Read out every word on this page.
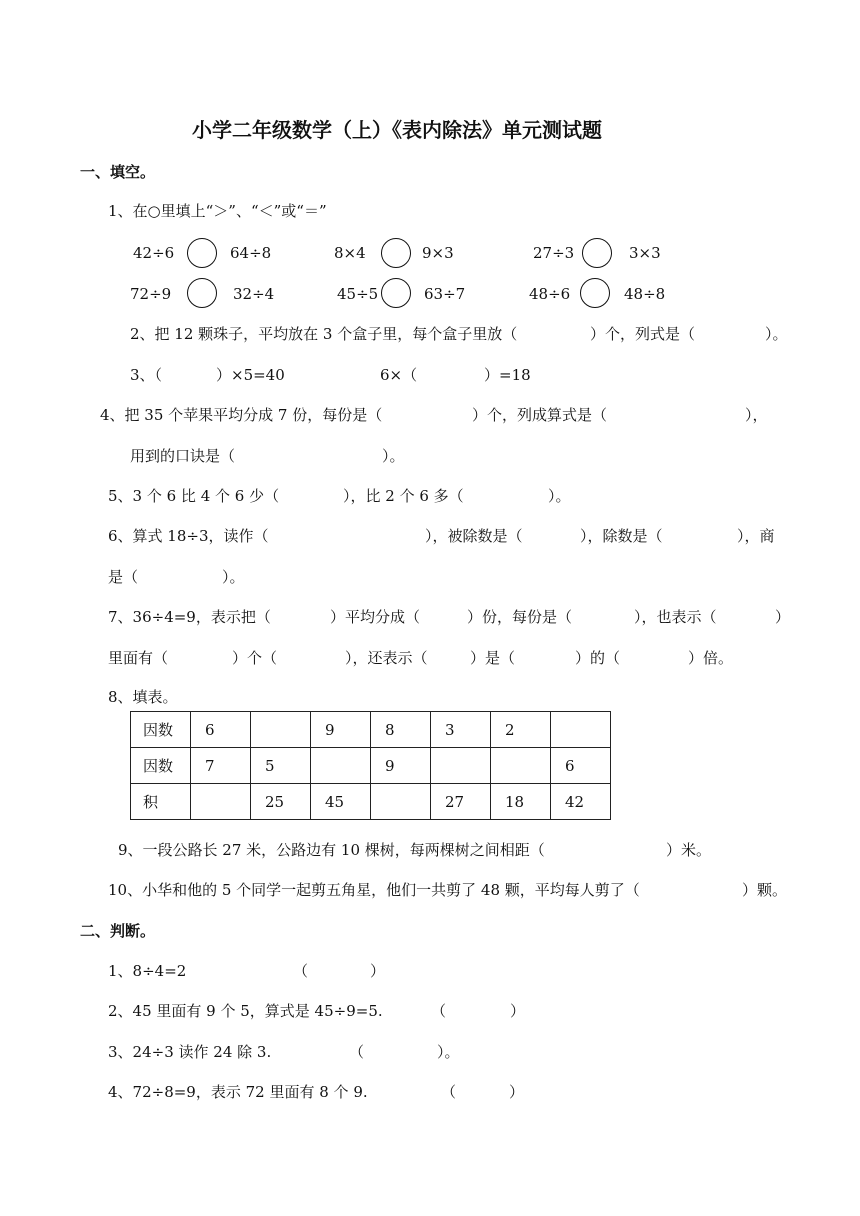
小学二年级数学（上）《表内除法》单元测试题
一、填空。
1、在○里填上“＞”、“＜”或“＝”
42÷6	64÷8	8×4	9×3	27÷3	3×3
72÷9	32÷4	45÷5	63÷7	48÷6	48÷8
2、把 12 颗珠子，平均放在 3 个盒子里，每个盒子里放（	）个，列式是（	）。
3、（	）×5=40	6×（	）=18
4、把 35 个苹果平均分成 7 份，每份是（	）个，列成算式是（	），
用到的口诀是（	）。
5、3 个 6 比 4 个 6 少（	），比 2 个 6 多（	）。
6、算式 18÷3，读作（	），被除数是（	），除数是（	），商
是（	）。
7、36÷4=9，表示把（	）平均分成（	）份，每份是（	），也表示（	）
里面有（	）个（	），还表示（	）是（	）的（	）倍。
8、填表。
因数	6		9	8	3	2	
因数	7	5		9			6
积		25	45		27	18	42
9、一段公路长 27 米，公路边有 10 棵树，每两棵树之间相距（	）米。
10、小华和他的 5 个同学一起剪五角星，他们一共剪了 48 颗，平均每人剪了（	）颗。
二、判断。
1、8÷4=2	（	）
2、45 里面有 9 个 5，算式是 45÷9=5.	（	）
3、24÷3 读作 24 除 3.	（	）。
4、72÷8=9，表示 72 里面有 8 个 9.	（	）
